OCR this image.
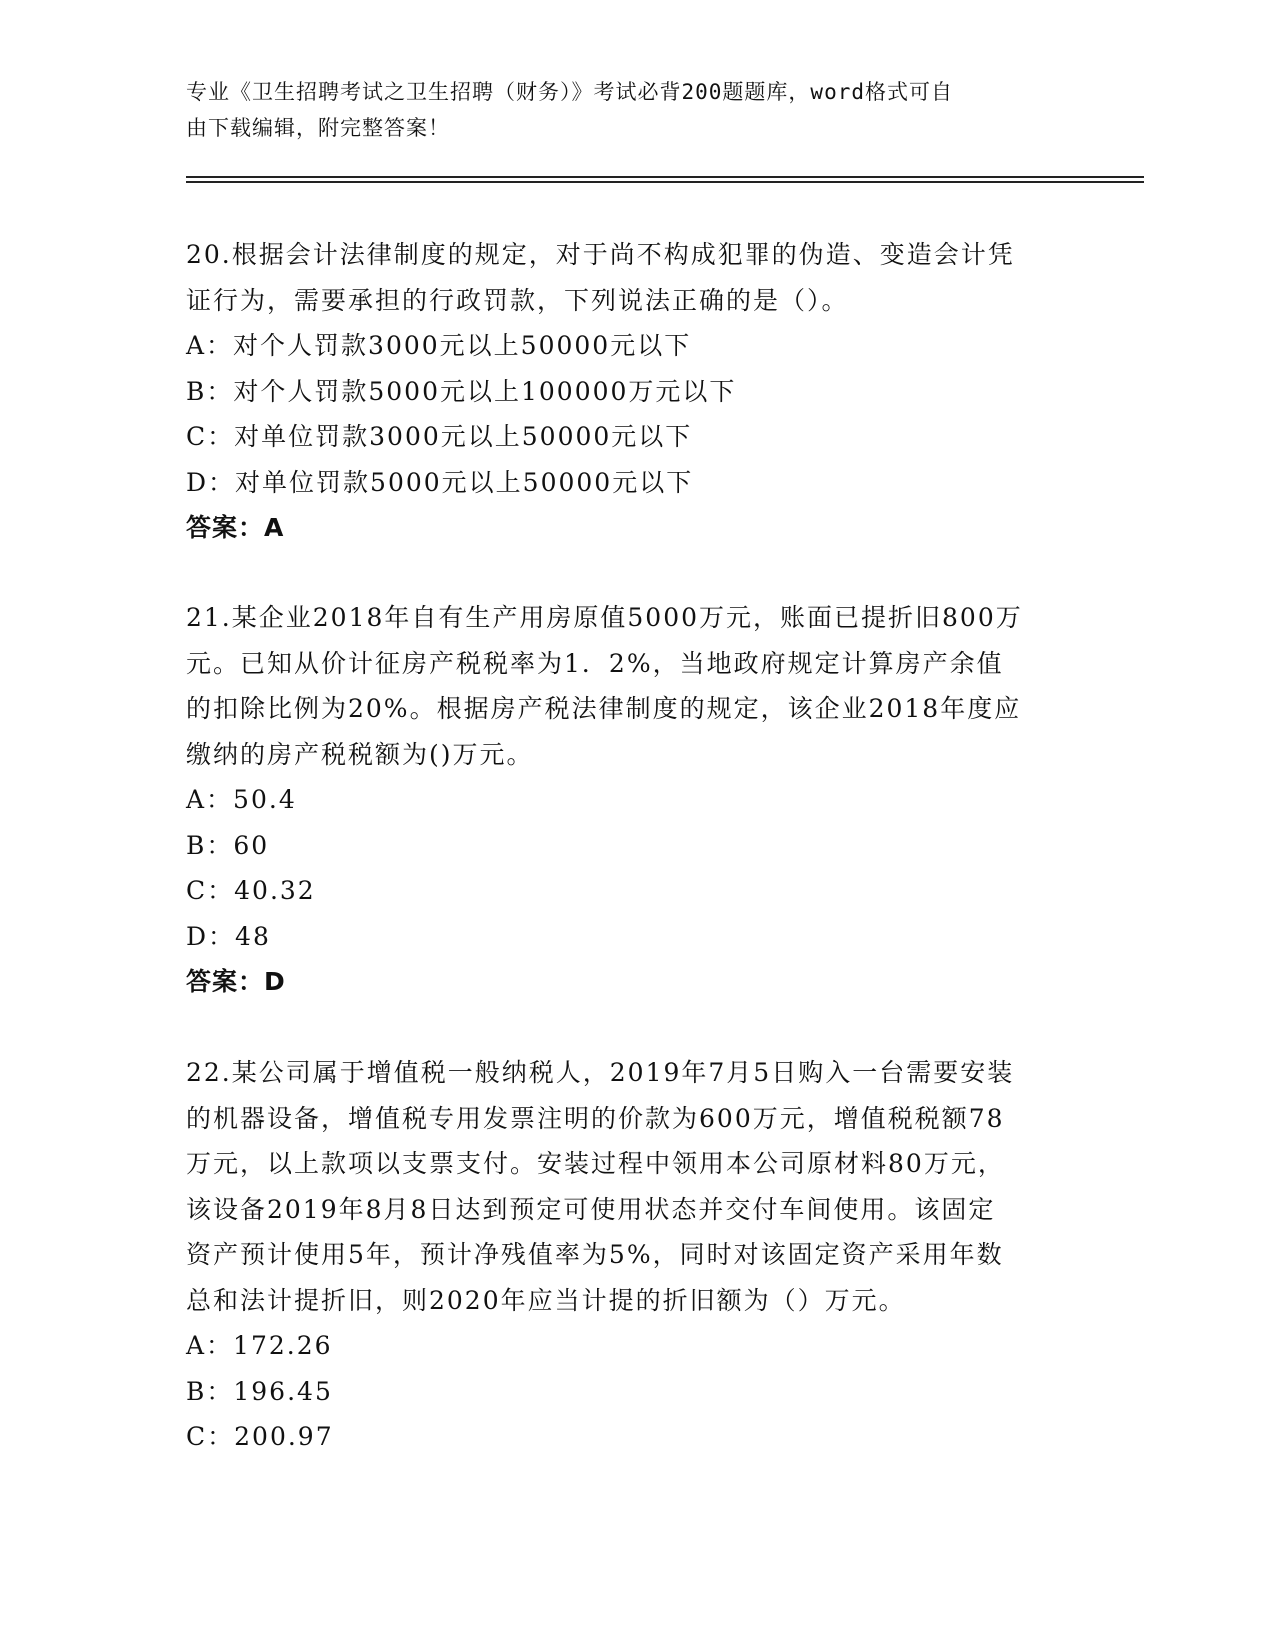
专业《卫生招聘考试之卫生招聘（财务）》考试必背200题题库，word格式可自
由下载编辑，附完整答案！
20.根据会计法律制度的规定，对于尚不构成犯罪的伪造、变造会计凭
证行为，需要承担的行政罚款，下列说法正确的是（）。
A：对个人罚款3000元以上50000元以下
B：对个人罚款5000元以上100000万元以下
C：对单位罚款3000元以上50000元以下
D：对单位罚款5000元以上50000元以下
答案：A
21.某企业2018年自有生产用房原值5000万元，账面已提折旧800万
元。已知从价计征房产税税率为1．2%，当地政府规定计算房产余值
的扣除比例为20%。根据房产税法律制度的规定，该企业2018年度应
缴纳的房产税税额为()万元。
A：50.4
B：60
C：40.32
D：48
答案：D
22.某公司属于增值税一般纳税人，2019年7月5日购入一台需要安装
的机器设备，增值税专用发票注明的价款为600万元，增值税税额78
万元，以上款项以支票支付。安装过程中领用本公司原材料80万元，
该设备2019年8月8日达到预定可使用状态并交付车间使用。该固定
资产预计使用5年，预计净残值率为5%，同时对该固定资产采用年数
总和法计提折旧，则2020年应当计提的折旧额为（）万元。
A：172.26
B：196.45
C：200.97
